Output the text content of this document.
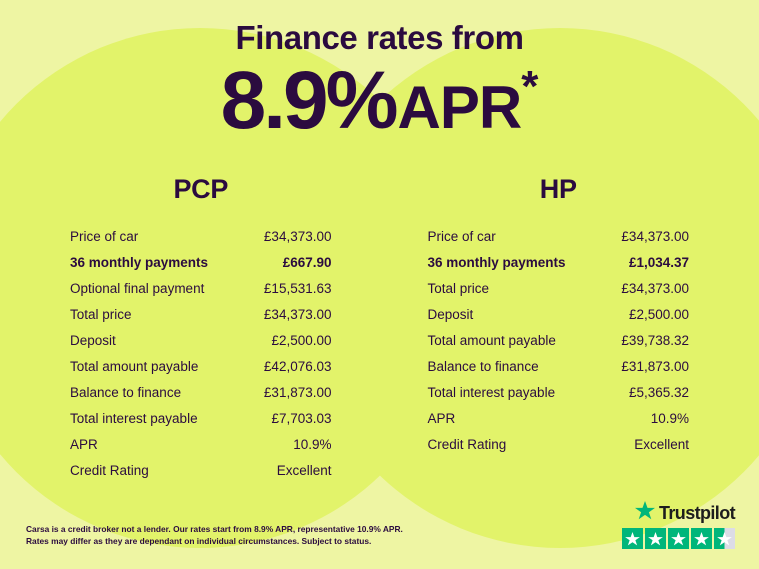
Finance rates from
8.9%APR*
PCP
Price of car	£34,373.00
36 monthly payments	£667.90
Optional final payment	£15,531.63
Total price	£34,373.00
Deposit	£2,500.00
Total amount payable	£42,076.03
Balance to finance	£31,873.00
Total interest payable	£7,703.03
APR	10.9%
Credit Rating	Excellent
HP
Price of car	£34,373.00
36 monthly payments	£1,034.37
Total price	£34,373.00
Deposit	£2,500.00
Total amount payable	£39,738.32
Balance to finance	£31,873.00
Total interest payable	£5,365.32
APR	10.9%
Credit Rating	Excellent
Carsa is a credit broker not a lender. Our rates start from 8.9% APR, representative 10.9% APR. Rates may differ as they are dependant on individual circumstances. Subject to status.
Trustpilot
